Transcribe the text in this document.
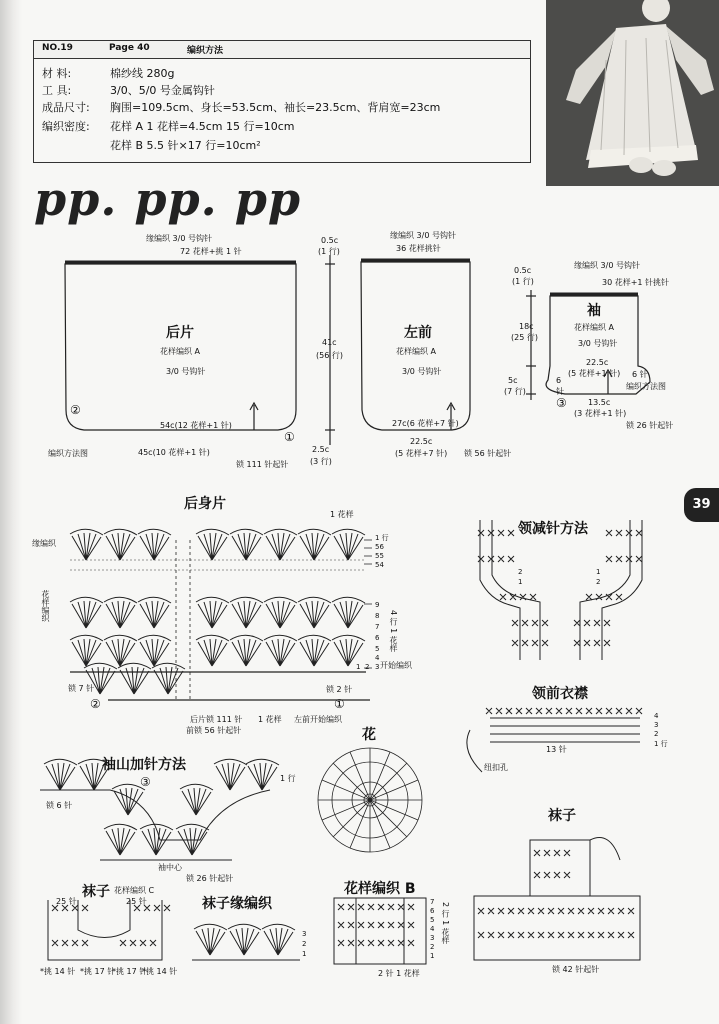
NO.19	Page 40	编织方法
材 料:	棉纱线 280g
工 具:	3/0、5/0 号金属钩针
成品尺寸: 胸围=109.5cm、身长=53.5cm、袖长=23.5cm、背肩宽=23cm
编织密度: 花样 A 1 花样=4.5cm 15 行=10cm
花样 B 5.5 针×17 行=10cm²
pp. pp. pp
39
缘编织 3/0 号钩针
72 花样+挑 1 针
后片
花样编织 A
3/0 号钩针
54c(12 花样+1 针)
45c(10 花样+1 针)
锁 111 针起针
②
①
编织方法图
0.5c
(1 行)
41c
(56 行)
2.5c
(3 行)
缘编织 3/0 号钩针
36 花样挑针
左前
花样编织 A
3/0 号钩针
27c(6 花样+7 针)
22.5c
(5 花样+7 针) 锁 56 针起针
缘编织 3/0 号钩针
30 花样+1 针挑针
0.5c
(1 行)
袖
花样编织 A
3/0 号钩针
18c
(25 行)
22.5c
(5 花样+1 针)
5c
(7 行)
6
针
6 针
编织方法图
13.5c
(3 花样+1 针)
锁 26 针起针
③
后身片
1 花样
缘编织
花样编织
1 行
56
55
54
9
8
7
6
5
4
3
2
1
4 行 1 花样
开始编织
锁 7 针	锁 2 针
后片锁 111 针
前锁 56 针起针
1 花样 左前开始编织
②	①
领减针方法
2
1
1
2
领前衣襟
4
3
2
1 行
13 针
纽扣孔
花
袖山加针方法
③
锁 6 针
1 行
袖中心
锁 26 针起针
袜子 花样编织 C
25 针	25 针
*挑 14 针 *挑 17 针
*挑 17 针
*挑 14 针
袜子缘编织
3
2
1
花样编织 B
7
6
5
4
3
2
1
2 行 1 花样
2 针 1 花样
袜子
锁 42 针起针
